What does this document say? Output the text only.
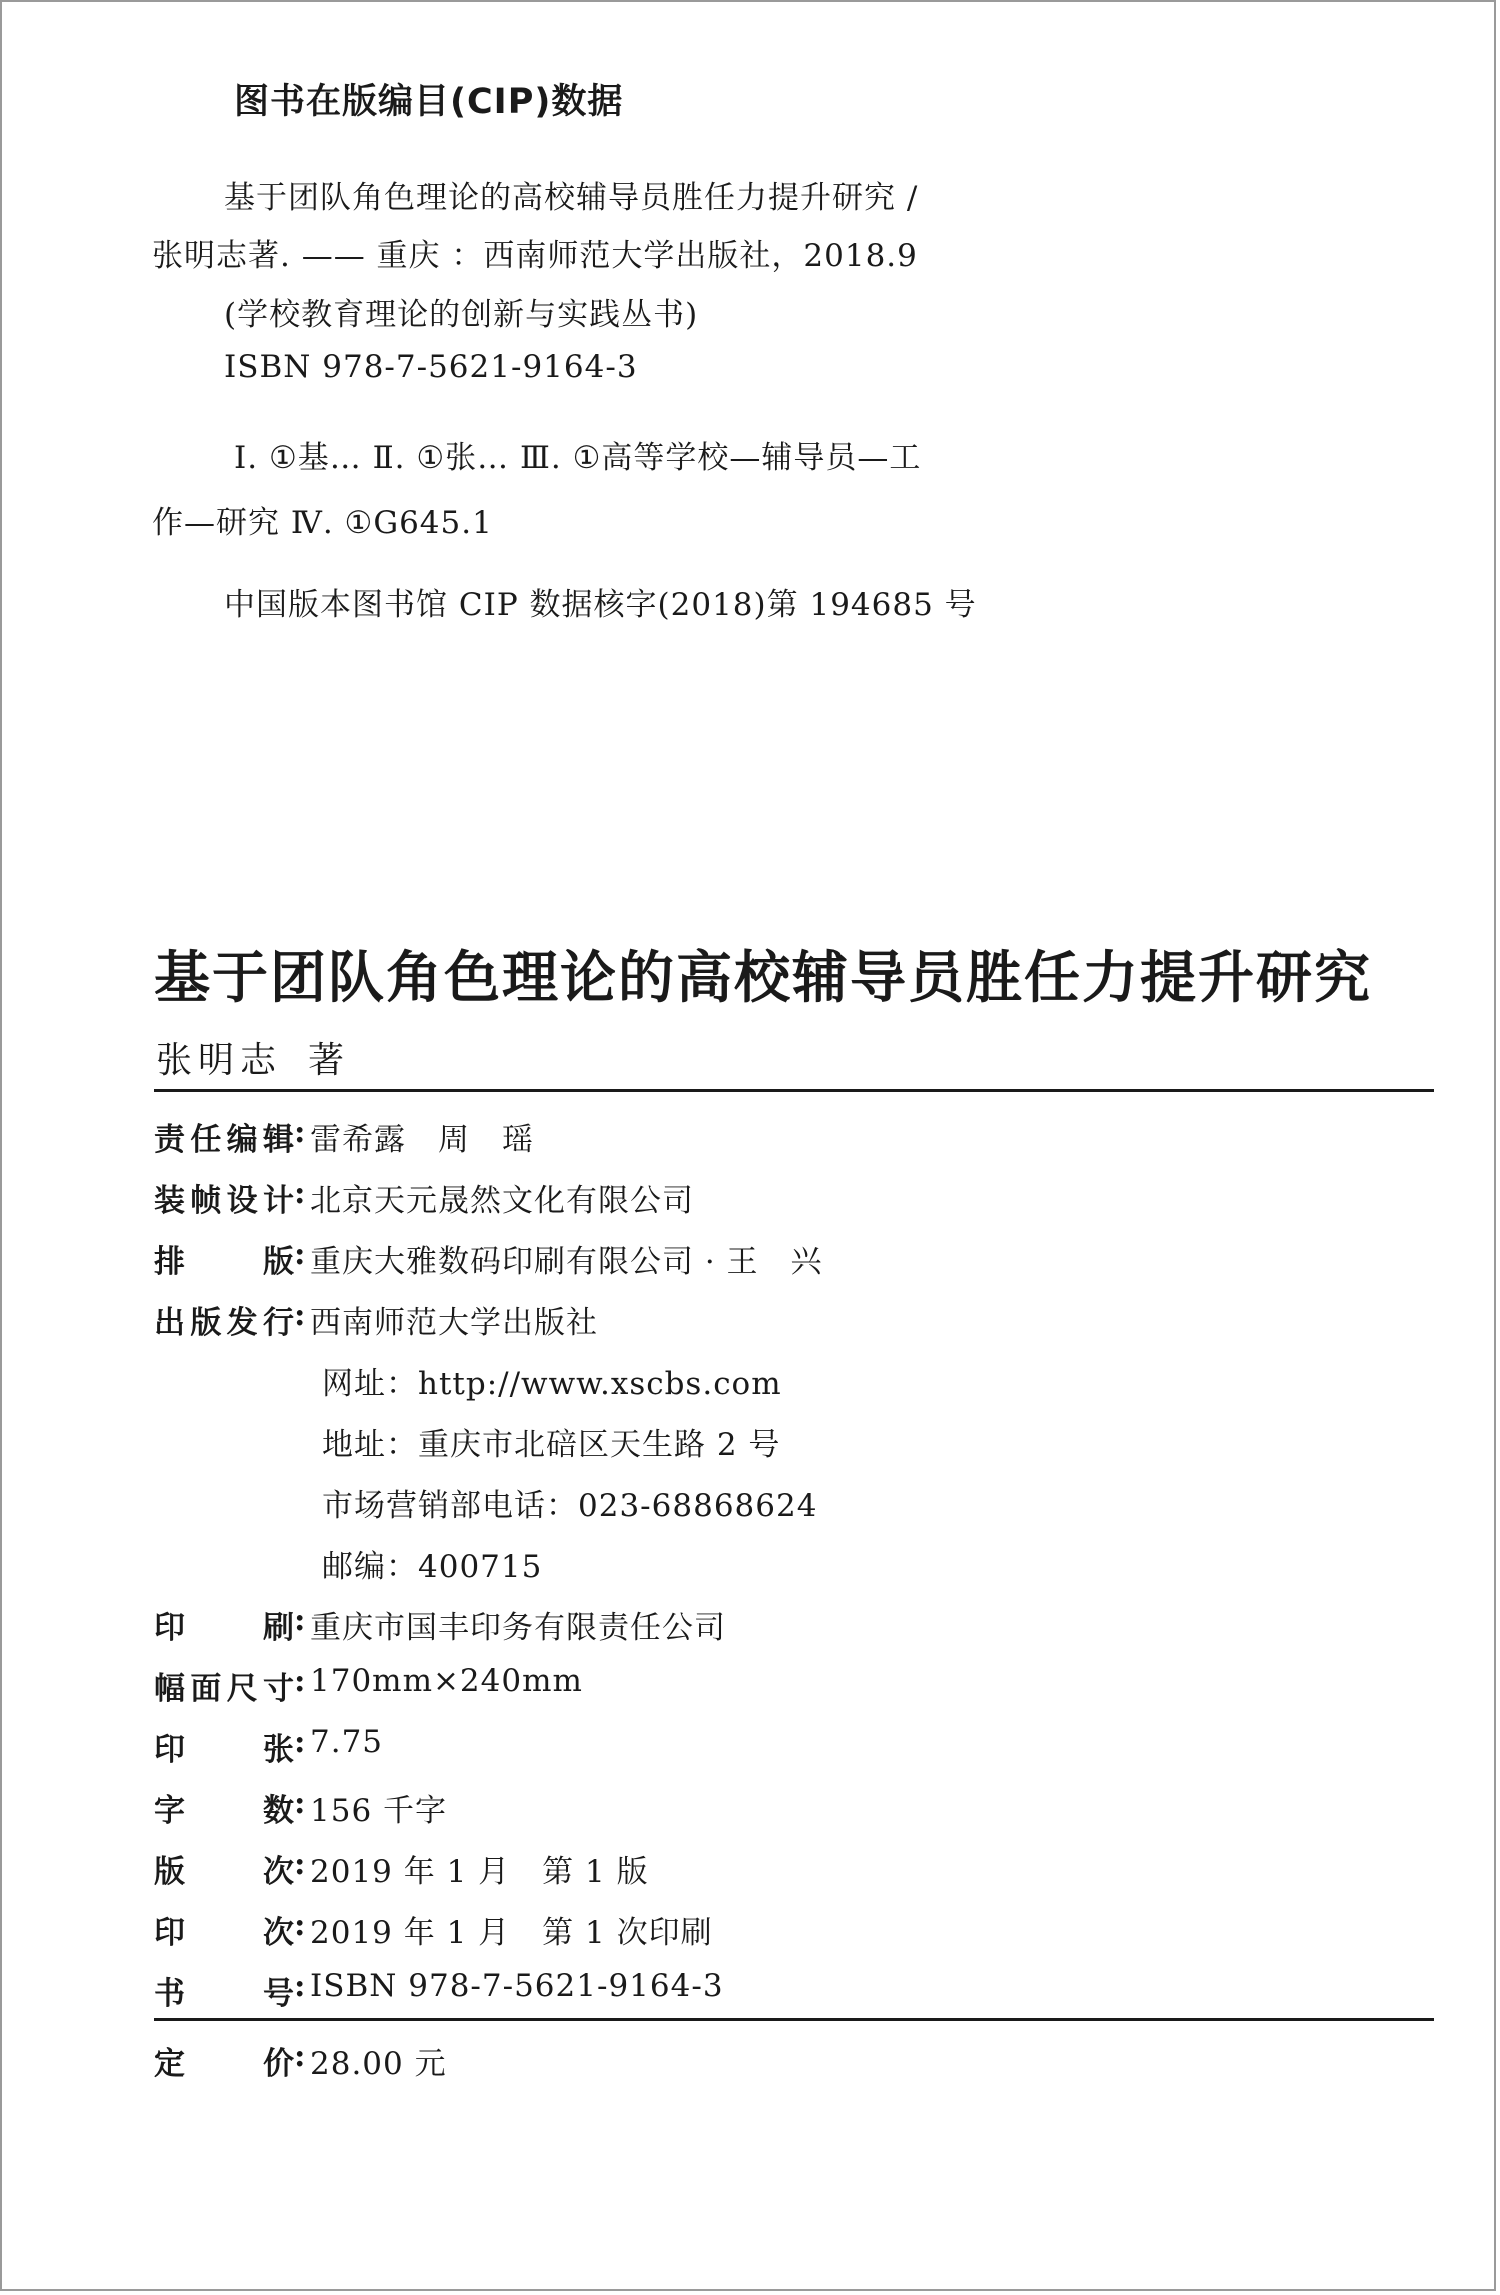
图书在版编目(CIP)数据
基于团队角色理论的高校辅导员胜任力提升研究 /
张明志著. —— 重庆 ：西南师范大学出版社，2018.9
(学校教育理论的创新与实践丛书)
ISBN 978-7-5621-9164-3
Ⅰ. ①基… Ⅱ. ①张… Ⅲ. ①高等学校—辅导员—工
作—研究 Ⅳ. ①G645.1
中国版本图书馆 CIP 数据核字(2018)第 194685 号
基于团队角色理论的高校辅导员胜任力提升研究
张明志 著
责任编辑: 雷希露　周　瑶
装帧设计: 北京天元晟然文化有限公司
排　　版: 重庆大雅数码印刷有限公司 · 王　兴
出版发行: 西南师范大学出版社
网址：http://www.xscbs.com
地址：重庆市北碚区天生路 2 号
市场营销部电话：023-68868624
邮编：400715
印　　刷: 重庆市国丰印务有限责任公司
幅面尺寸: 170mm×240mm
印　　张: 7.75
字　　数: 156 千字
版　　次: 2019 年 1 月　第 1 版
印　　次: 2019 年 1 月　第 1 次印刷
书　　号: ISBN 978-7-5621-9164-3
定　　价: 28.00 元
